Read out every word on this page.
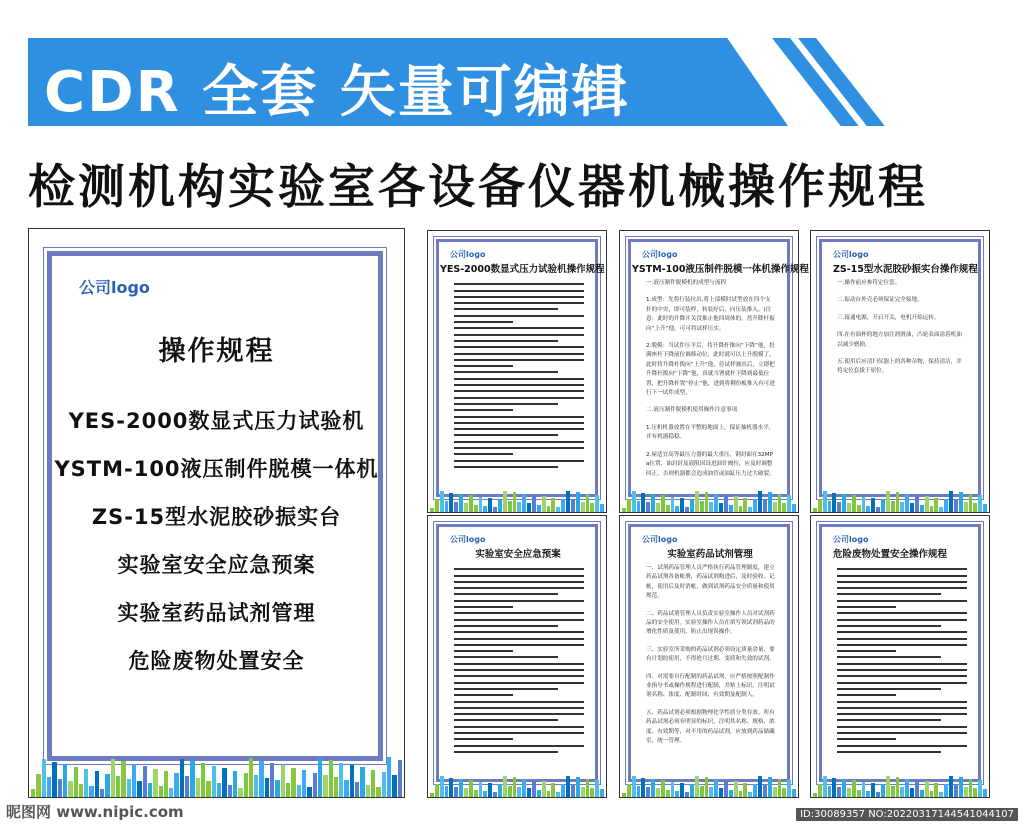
CDR 全套 矢量可编辑
检测机构实验室各设备仪器机械操作规程
公司logo
操作规程
YES-2000数显式压力试验机
YSTM-100液压制件脱模一体机
ZS-15型水泥胶砂振实台
实验室安全应急预案
实验室药品试剂管理
危险废物处置安全
公司logo
YES-2000数显式压力试验机操作规程
公司logo
YSTM-100液压制件脱模一体机操作规程
一.液压制件脱模机的成型与流程
1.成型：先将行装拉出,将上部模时试型放在四个支杆的中央，即可装样，转装好后，向压装推入。(注意：此时的升降开关没推止他四周体的，然升降杆振向“上升”他，可可将试样压实。
2.脱模：当试件压平后，将升降杆推向“下降”他，投满座杆下降前位调移动位，此时就可以上升脱模了，此时将升降杆拨向“上升”他，待试样被出后，立即把升降杆拨向“下降”他，真就当署就杆下降到最低位置，把升降杆置“停止”他，进到将剩份板推入有可进行下一试件成型。
二.液压制件脱模机使用操作注意事项
1.压机机器放置在平整的地面上，保证抽机器水平，并有机器稳稳。
2.屋适宜高等最压力器的最大重压，钢封面在32MPa位置，油封封及液限因设进油针阀位，应及时调整回正，否则机器都会造成油管或油缸压力过大破裂。
公司logo
ZS-15型水泥胶砂振实台操作规程
一.操作前应参符定位套。
二.振动台外壳必须保证完全接地。
三.接通电源，开启开关，电机开始运转。
四.在有油杯的地方加注润滑油，凸轮表面涂着机油以减少磨损。
五.使用后应清扫仪器上的各种杂物，保持清洁，并将定位套拔于原位。
公司logo
实验室安全应急预案
公司logo
实验室药品试剂管理
一、试剂药品管理人员严格执行药品管理制度，建立药品试剂各备帐册，药品试剂购进后，及时验收、记帐，使用后及时消帐，做到试剂药品安全质量和使用规范。
二、药品试剂管理人员负责实验室操作人员对试剂药品的安全使用。实验室操作人员在填写领试剂药品的增化性质及使用，防止出现误操作。
三、实验室所采购的药品试剂必须设定质量余量，要有计划的使用，不得抢月过期、变质和失效的试剂。
四、对需要自行配制的药品试剂，应严格按照配制作业指导书或操作规程进行配制，并贴上标识。注明试剂名称、浓度、配制时间、有效期及配制人。
五、药品试剂必须根据物理化学性质分类存放。所有药品试剂必须有明显的标识，注明其名称、规格、浓度、有效期等，对不用的药品试剂，应放到药品储藏室，统一管理。
公司logo
危险废物处置安全操作规程
昵图网 www.nipic.com	ID:30089357 NO:20220317144541044107
